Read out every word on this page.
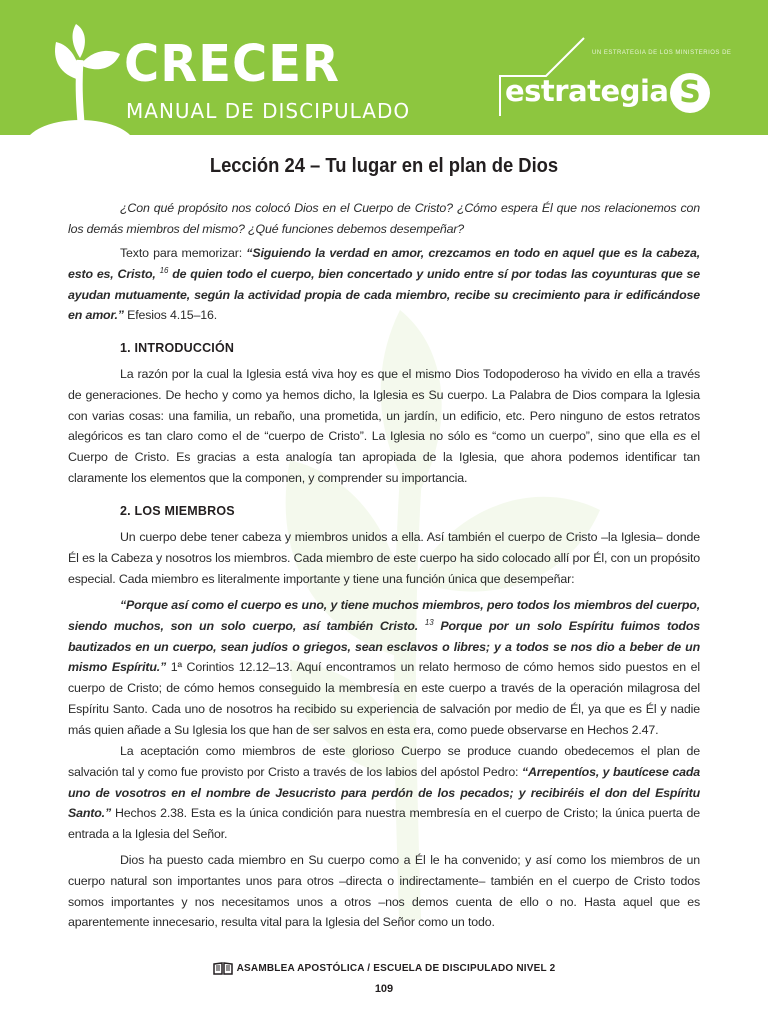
CRECER
MANUAL DE DISCIPULADO
UN ESTRATEGIA DE LOS MINISTERIOS DE
estrategia S
Lección 24 – Tu lugar en el plan de Dios
¿Con qué propósito nos colocó Dios en el Cuerpo de Cristo? ¿Cómo espera Él que nos relacionemos con los demás miembros del mismo? ¿Qué funciones debemos desempeñar?
Texto para memorizar: “Siguiendo la verdad en amor, crezcamos en todo en aquel que es la cabeza, esto es, Cristo, $^{16}$ de quien todo el cuerpo, bien concertado y unido entre sí por todas las coyunturas que se ayudan mutuamente, según la actividad propia de cada miembro, recibe su crecimiento para ir edificándose en amor.” Efesios 4.15–16.
1. INTRODUCCIÓN
La razón por la cual la Iglesia está viva hoy es que el mismo Dios Todopoderoso ha vivido en ella a través de generaciones. De hecho y como ya hemos dicho, la Iglesia es Su cuerpo. La Palabra de Dios compara la Iglesia con varias cosas: una familia, un rebaño, una prometida, un jardín, un edificio, etc. Pero ninguno de estos retratos alegóricos es tan claro como el de “cuerpo de Cristo”. La Iglesia no sólo es “como un cuerpo”, sino que ella es el Cuerpo de Cristo. Es gracias a esta analogía tan apropiada de la Iglesia, que ahora podemos identificar tan claramente los elementos que la componen, y comprender su importancia.
2. LOS MIEMBROS
Un cuerpo debe tener cabeza y miembros unidos a ella. Así también el cuerpo de Cristo –la Iglesia– donde Él es la Cabeza y nosotros los miembros. Cada miembro de este cuerpo ha sido colocado allí por Él, con un propósito especial. Cada miembro es literalmente importante y tiene una función única que desempeñar:
“Porque así como el cuerpo es uno, y tiene muchos miembros, pero todos los miembros del cuerpo, siendo muchos, son un solo cuerpo, así también Cristo. $^{13}$ Porque por un solo Espíritu fuimos todos bautizados en un cuerpo, sean judíos o griegos, sean esclavos o libres; y a todos se nos dio a beber de un mismo Espíritu.” 1ª Corintios 12.12–13. Aquí encontramos un relato hermoso de cómo hemos sido puestos en el cuerpo de Cristo; de cómo hemos conseguido la membresía en este cuerpo a través de la operación milagrosa del Espíritu Santo. Cada uno de nosotros ha recibido su experiencia de salvación por medio de Él, ya que es Él y nadie más quien añade a Su Iglesia los que han de ser salvos en esta era, como puede observarse en Hechos 2.47.
La aceptación como miembros de este glorioso Cuerpo se produce cuando obedecemos el plan de salvación tal y como fue provisto por Cristo a través de los labios del apóstol Pedro: “Arrepentíos, y bautícese cada uno de vosotros en el nombre de Jesucristo para perdón de los pecados; y recibiréis el don del Espíritu Santo.” Hechos 2.38. Esta es la única condición para nuestra membresía en el cuerpo de Cristo; la única puerta de entrada a la Iglesia del Señor.
Dios ha puesto cada miembro en Su cuerpo como a Él le ha convenido; y así como los miembros de un cuerpo natural son importantes unos para otros –directa o indirectamente– también en el cuerpo de Cristo todos somos importantes y nos necesitamos unos a otros –nos demos cuenta de ello o no. Hasta aquel que es aparentemente innecesario, resulta vital para la Iglesia del Señor como un todo.
ASAMBLEA APOSTÓLICA / ESCUELA DE DISCIPULADO NIVEL 2
109
